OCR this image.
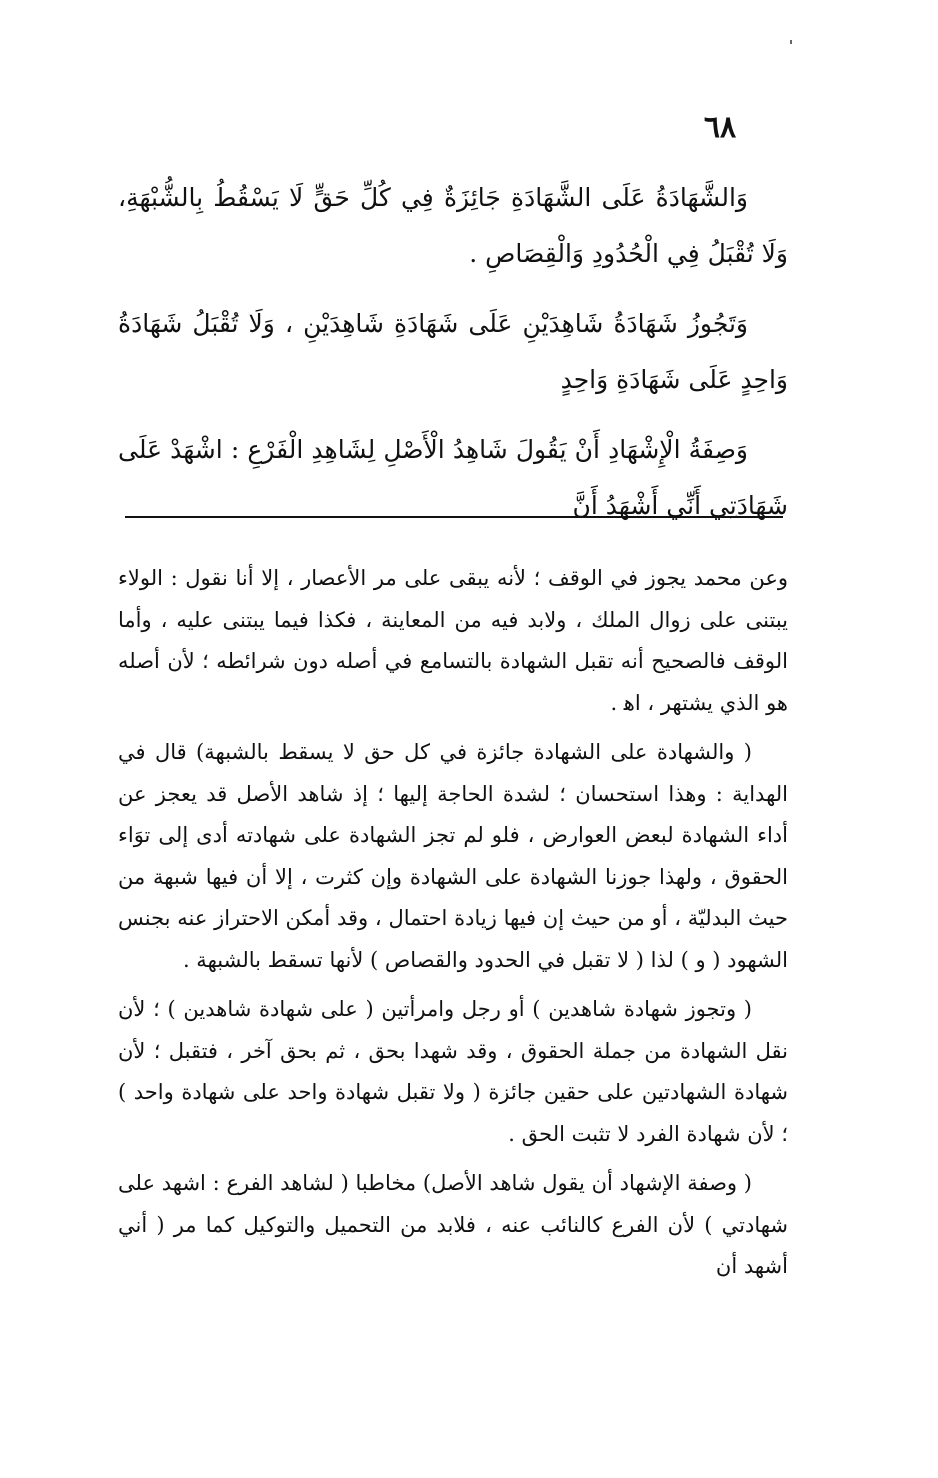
٦٨

وَالشَّهَادَةُ عَلَى الشَّهَادَةِ جَائِزَةٌ فِي كُلِّ حَقٍّ لَا يَسْقُطُ بِالشُّبْهَةِ، وَلَا تُقْبَلُ فِي الْحُدُودِ وَالْقِصَاصِ .

وَتَجُوزُ شَهَادَةُ شَاهِدَيْنِ عَلَى شَهَادَةِ شَاهِدَيْنِ ، وَلَا تُقْبَلُ شَهَادَةُ وَاحِدٍ عَلَى شَهَادَةِ وَاحِدٍ

وَصِفَةُ الْإِشْهَادِ أَنْ يَقُولَ شَاهِدُ الْأَصْلِ لِشَاهِدِ الْفَرْعِ : اشْهَدْ عَلَى شَهَادَتِي أَنِّي أَشْهَدُ أَنَّ

وعن محمد يجوز في الوقف ؛ لأنه يبقى على مر الأعصار ، إلا أنا نقول : الولاء يبتنى على زوال الملك ، ولابد فيه من المعاينة ، فكذا فيما يبتنى عليه ، وأما الوقف فالصحيح أنه تقبل الشهادة بالتسامع في أصله دون شرائطه ؛ لأن أصله هو الذي يشتهر ، اﻫ .

( والشهادة على الشهادة جائزة في كل حق لا يسقط بالشبهة) قال في الهداية : وهذا استحسان ؛ لشدة الحاجة إليها ؛ إذ شاهد الأصل قد يعجز عن أداء الشهادة لبعض العوارض ، فلو لم تجز الشهادة على شهادته أدى إلى توَاء الحقوق ، ولهذا جوزنا الشهادة على الشهادة وإن كثرت ، إلا أن فيها شبهة من حيث البدليّة ، أو من حيث إن فيها زيادة احتمال ، وقد أمكن الاحتراز عنه بجنس الشهود ( و ) لذا ( لا تقبل في الحدود والقصاص ) لأنها تسقط بالشبهة .

( وتجوز شهادة شاهدين ) أو رجل وامرأتين ( على شهادة شاهدين ) ؛ لأن نقل الشهادة من جملة الحقوق ، وقد شهدا بحق ، ثم بحق آخر ، فتقبل ؛ لأن شهادة الشهادتين على حقين جائزة ( ولا تقبل شهادة واحد على شهادة واحد ) ؛ لأن شهادة الفرد لا تثبت الحق .

( وصفة الإشهاد أن يقول شاهد الأصل) مخاطبا ( لشاهد الفرع : اشهد على شهادتي ) لأن الفرع كالنائب عنه ، فلابد من التحميل والتوكيل كما مر ( أني أشهد أن
